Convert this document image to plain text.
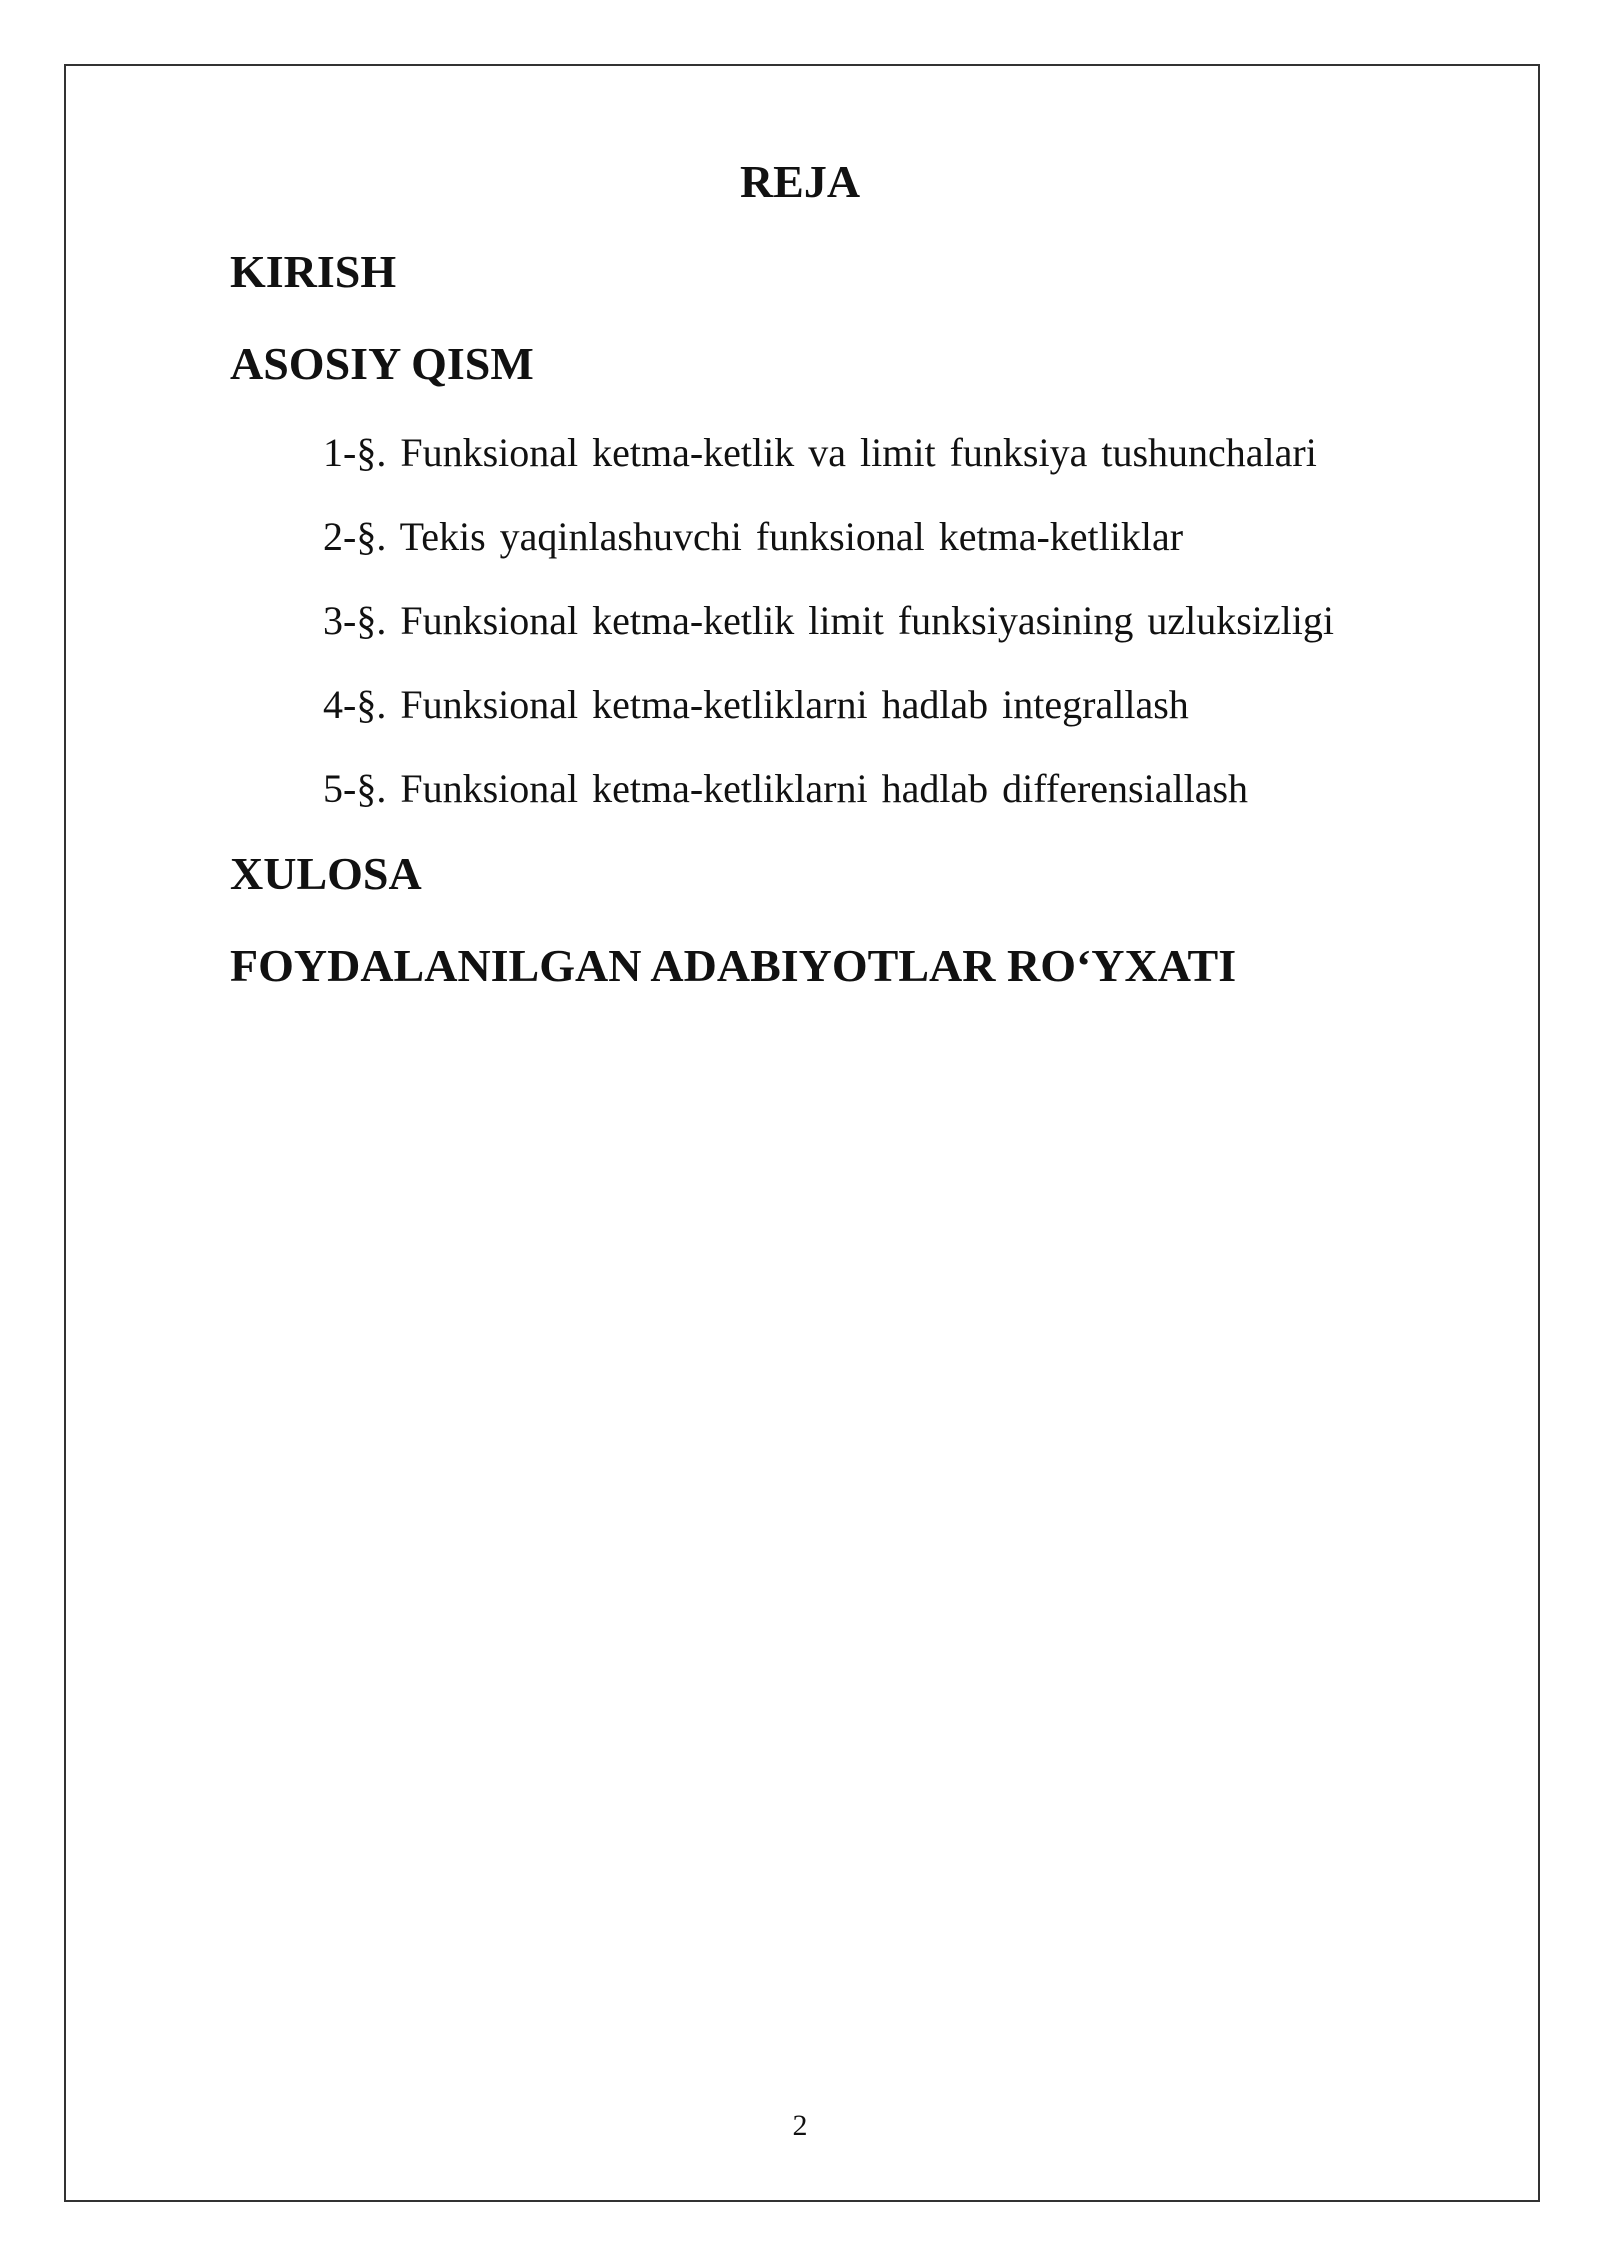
REJA
KIRISH
ASOSIY QISM
1-§. Funksional ketma-ketlik va limit funksiya tushunchalari
2-§. Tekis yaqinlashuvchi funksional ketma-ketliklar
3-§. Funksional ketma-ketlik limit funksiyasining uzluksizligi
4-§. Funksional ketma-ketliklarni hadlab integrallash
5-§. Funksional ketma-ketliklarni hadlab differensiallash
XULOSA
FOYDALANILGAN ADABIYOTLAR RO‘YXATI
2
